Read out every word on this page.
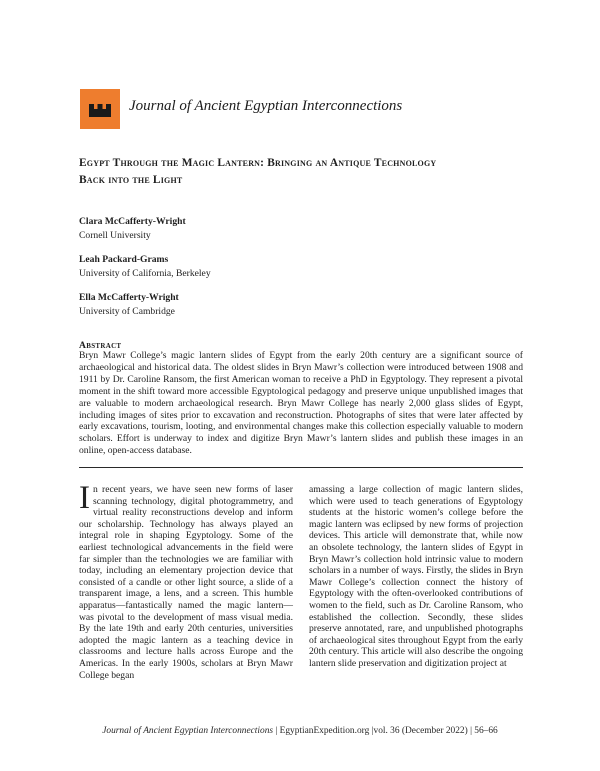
Journal of Ancient Egyptian Interconnections
Egypt Through the Magic Lantern: Bringing an Antique Technology
Back into the Light
Clara McCafferty-Wright
Cornell University
Leah Packard-Grams
University of California, Berkeley
Ella McCafferty-Wright
University of Cambridge
Abstract
Bryn Mawr College’s magic lantern slides of Egypt from the early 20th century are a significant source of archaeological and historical data. The oldest slides in Bryn Mawr’s collection were introduced between 1908 and 1911 by Dr. Caroline Ransom, the first American woman to receive a PhD in Egyptology. They represent a pivotal moment in the shift toward more accessible Egyptological pedagogy and preserve unique unpublished images that are valuable to modern archaeological research. Bryn Mawr College has nearly 2,000 glass slides of Egypt, including images of sites prior to excavation and reconstruction. Photographs of sites that were later affected by early excavations, tourism, looting, and environmental changes make this collection especially valuable to modern scholars. Effort is underway to index and digitize Bryn Mawr’s lantern slides and publish these images in an online, open-access database.
In recent years, we have seen new forms of laser scanning technology, digital photogrammetry, and virtual reality reconstructions develop and inform our scholarship. Technology has always played an integral role in shaping Egyptology. Some of the earliest technological advancements in the field were far simpler than the technologies we are familiar with today, including an elementary projection device that consisted of a candle or other light source, a slide of a transparent image, a lens, and a screen. This humble apparatus—fantastically named the magic lantern—was pivotal to the development of mass visual media. By the late 19th and early 20th centuries, universities adopted the magic lantern as a teaching device in classrooms and lecture halls across Europe and the Americas. In the early 1900s, scholars at Bryn Mawr College began
amassing a large collection of magic lantern slides, which were used to teach generations of Egyptology students at the historic women’s college before the magic lantern was eclipsed by new forms of projection devices. This article will demonstrate that, while now an obsolete technology, the lantern slides of Egypt in Bryn Mawr’s collection hold intrinsic value to modern scholars in a number of ways. Firstly, the slides in Bryn Mawr College’s collection connect the history of Egyptology with the often-overlooked contributions of women to the field, such as Dr. Caroline Ransom, who established the collection. Secondly, these slides preserve annotated, rare, and unpublished photographs of archaeological sites throughout Egypt from the early 20th century. This article will also describe the ongoing lantern slide preservation and digitization project at
Journal of Ancient Egyptian Interconnections | EgyptianExpedition.org |vol. 36 (December 2022) | 56–66
